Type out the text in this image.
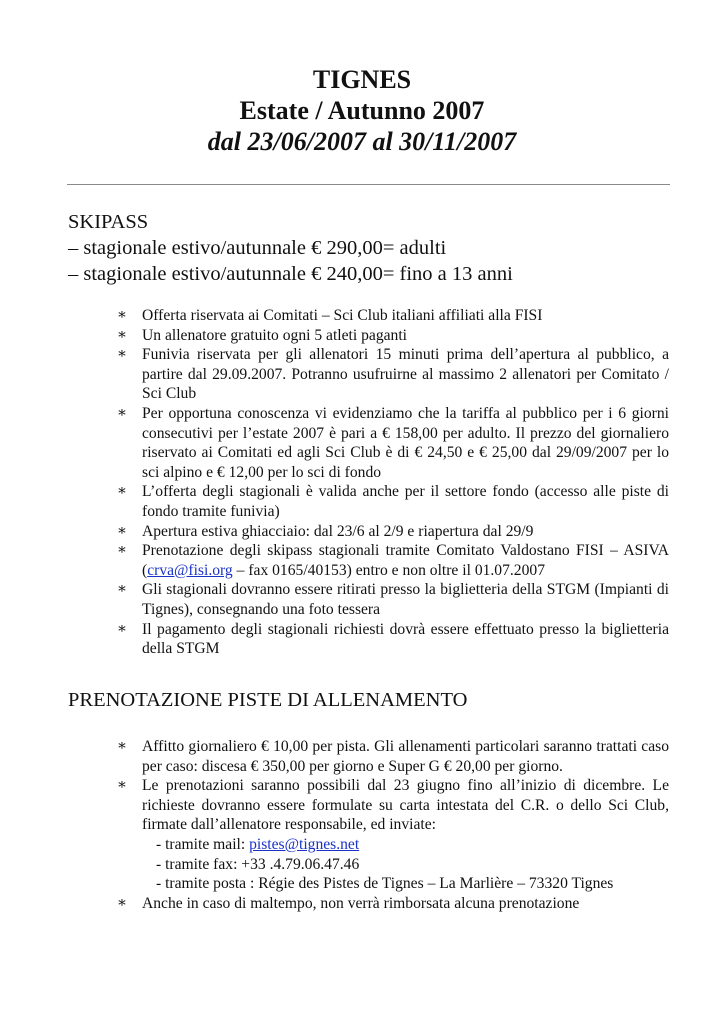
TIGNES
Estate / Autunno 2007
dal 23/06/2007 al 30/11/2007
SKIPASS
– stagionale estivo/autunnale € 290,00= adulti
– stagionale estivo/autunnale € 240,00= fino a 13 anni
∗ Offerta riservata ai Comitati – Sci Club italiani affiliati alla FISI
∗ Un allenatore gratuito ogni 5 atleti paganti
∗ Funivia riservata per gli allenatori 15 minuti prima dell’apertura al pubblico, a partire dal 29.09.2007. Potranno usufruirne al massimo 2 allenatori per Comitato / Sci Club
∗ Per opportuna conoscenza vi evidenziamo che la tariffa al pubblico per i 6 giorni consecutivi per l’estate 2007 è pari a € 158,00 per adulto. Il prezzo del giornaliero riservato ai Comitati ed agli Sci Club è di € 24,50 e € 25,00 dal 29/09/2007 per lo sci alpino e € 12,00 per lo sci di fondo
∗ L’offerta degli stagionali è valida anche per il settore fondo (accesso alle piste di fondo tramite funivia)
∗ Apertura estiva ghiacciaio: dal 23/6 al 2/9 e riapertura dal 29/9
∗ Prenotazione degli skipass stagionali tramite Comitato Valdostano FISI – ASIVA (crva@fisi.org – fax 0165/40153) entro e non oltre il 01.07.2007
∗ Gli stagionali dovranno essere ritirati presso la biglietteria della STGM (Impianti di Tignes), consegnando una foto tessera
∗ Il pagamento degli stagionali richiesti dovrà essere effettuato presso la biglietteria della STGM
PRENOTAZIONE PISTE DI ALLENAMENTO
∗ Affitto giornaliero € 10,00 per pista. Gli allenamenti particolari saranno trattati caso per caso: discesa € 350,00 per giorno e Super G € 20,00 per giorno.
∗ Le prenotazioni saranno possibili dal 23 giugno fino all’inizio di dicembre. Le richieste dovranno essere formulate su carta intestata del C.R. o dello Sci Club, firmate dall’allenatore responsabile, ed inviate:
- tramite mail: pistes@tignes.net
- tramite fax: +33 .4.79.06.47.46
- tramite posta : Régie des Pistes de Tignes – La Marlière – 73320 Tignes
∗ Anche in caso di maltempo, non verrà rimborsata alcuna prenotazione
